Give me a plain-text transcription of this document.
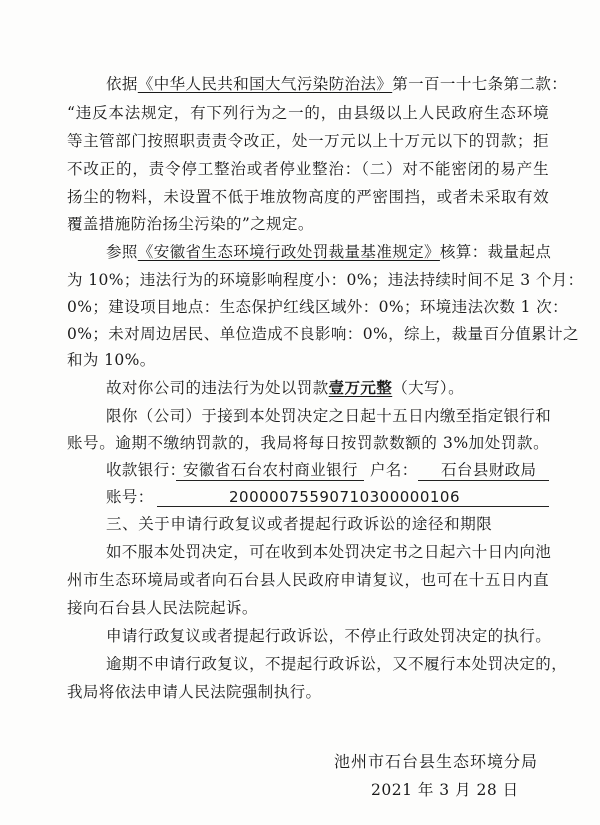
依据《中华人民共和国大气污染防治法》第一百一十七条第二款：
“违反本法规定，有下列行为之一的，由县级以上人民政府生态环境
等主管部门按照职责责令改正，处一万元以上十万元以下的罚款；拒
不改正的，责令停工整治或者停业整治：（二）对不能密闭的易产生
扬尘的物料，未设置不低于堆放物高度的严密围挡，或者未采取有效
覆盖措施防治扬尘污染的”之规定。
参照《安徽省生态环境行政处罚裁量基准规定》核算：裁量起点
为 10%；违法行为的环境影响程度小：0%；违法持续时间不足 3 个月：
0%；建设项目地点：生态保护红线区域外：0%；环境违法次数 1 次：
0%；未对周边居民、单位造成不良影响：0%，综上，裁量百分值累计之
和为 10%。
故对你公司的违法行为处以罚款壹万元整（大写）。
限你（公司）于接到本处罚决定之日起十五日内缴至指定银行和
账号。逾期不缴纳罚款的，我局将每日按罚款数额的 3%加处罚款。
收款银行：
安徽省石台农村商业银行 户名： 石台县财政局
账号：	20000075590710300000106
三、关于申请行政复议或者提起行政诉讼的途径和期限
如不服本处罚决定，可在收到本处罚决定书之日起六十日内向池
州市生态环境局或者向石台县人民政府申请复议，也可在十五日内直
接向石台县人民法院起诉。
申请行政复议或者提起行政诉讼，不停止行政处罚决定的执行。
逾期不申请行政复议，不提起行政诉讼，又不履行本处罚决定的，
我局将依法申请人民法院强制执行。
池州市石台县生态环境分局
2021 年 3 月 28 日
